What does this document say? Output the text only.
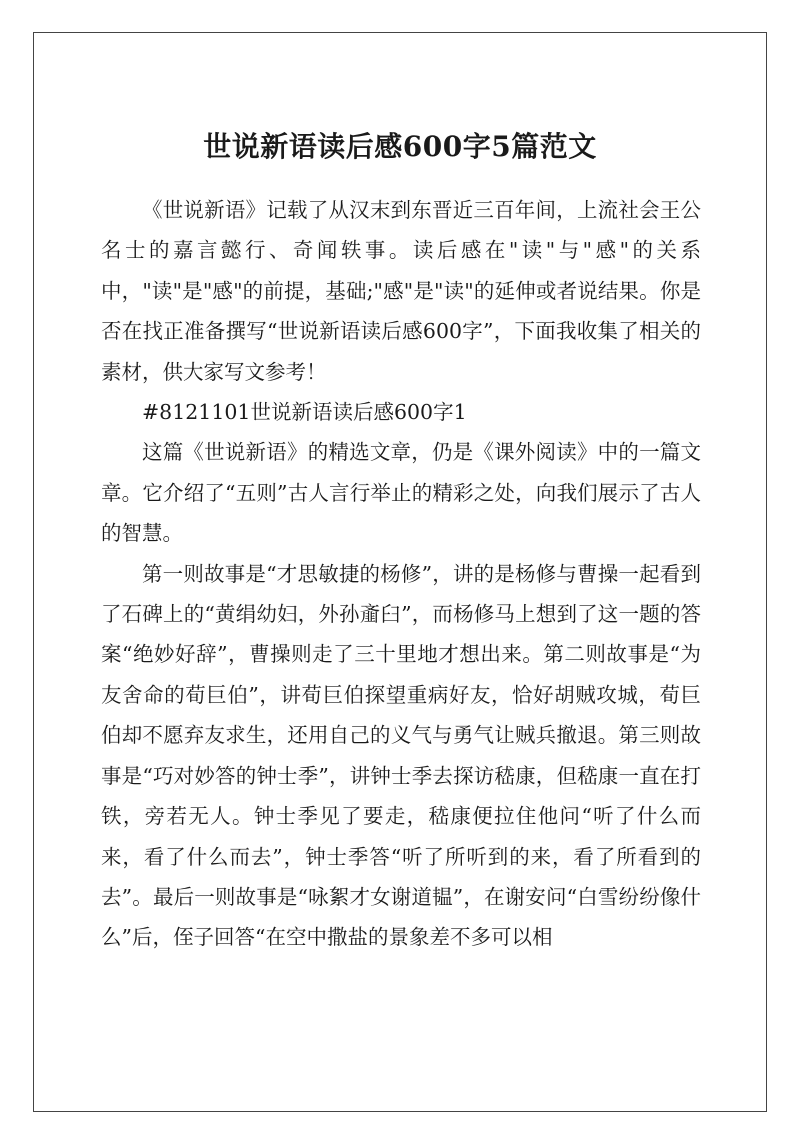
世说新语读后感600字5篇范文

《世说新语》记载了从汉末到东晋近三百年间，上流社会王公名士的嘉言懿行、奇闻轶事。读后感在"读"与"感"的关系中，"读"是"感"的前提，基础;"感"是"读"的延伸或者说结果。你是否在找正准备撰写“世说新语读后感600字”，下面我收集了相关的素材，供大家写文参考！

#8121101世说新语读后感600字1

这篇《世说新语》的精选文章，仍是《课外阅读》中的一篇文章。它介绍了“五则”古人言行举止的精彩之处，向我们展示了古人的智慧。

第一则故事是“才思敏捷的杨修”，讲的是杨修与曹操一起看到了石碑上的“黄绢幼妇，外孙齑臼”，而杨修马上想到了这一题的答案“绝妙好辞”，曹操则走了三十里地才想出来。第二则故事是“为友舍命的荀巨伯”，讲荀巨伯探望重病好友，恰好胡贼攻城，荀巨伯却不愿弃友求生，还用自己的义气与勇气让贼兵撤退。第三则故事是“巧对妙答的钟士季”，讲钟士季去探访嵇康，但嵇康一直在打铁，旁若无人。钟士季见了要走，嵇康便拉住他问“听了什么而来，看了什么而去”，钟士季答“听了所听到的来，看了所看到的去”。最后一则故事是“咏絮才女谢道韫”，在谢安问“白雪纷纷像什么”后，侄子回答“在空中撒盐的景象差不多可以相
